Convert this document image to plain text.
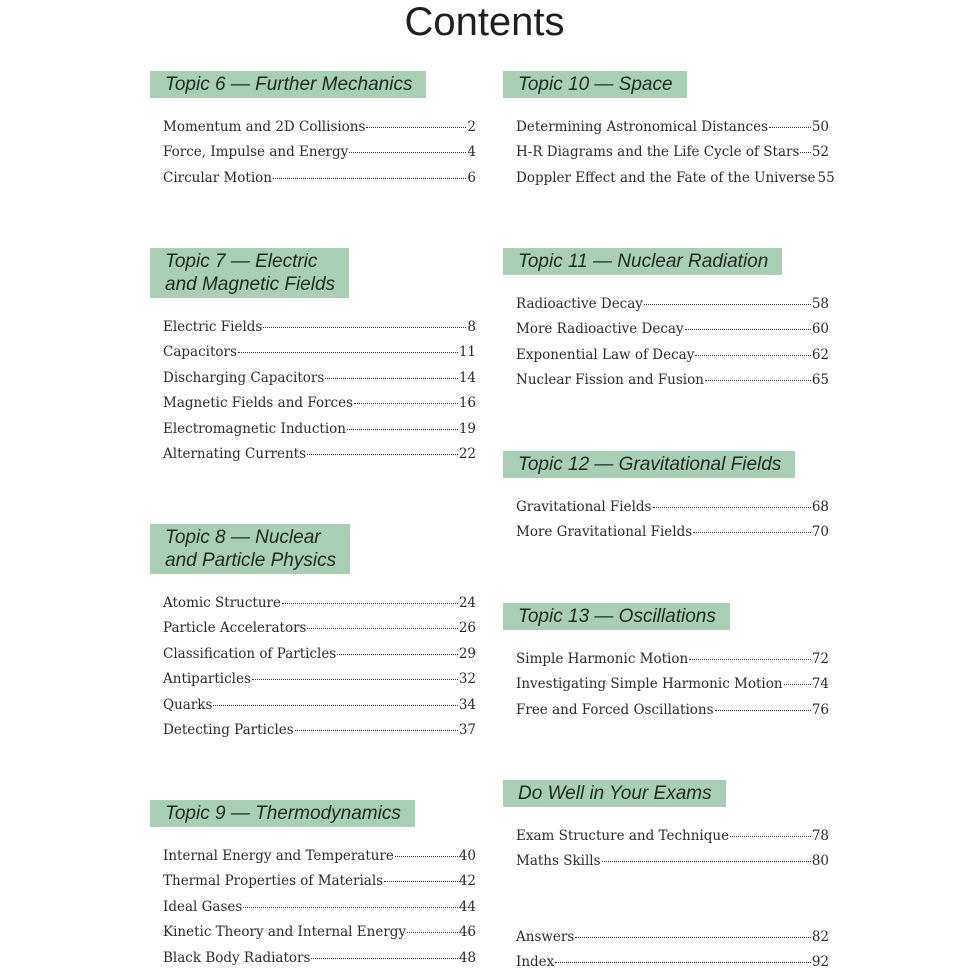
Contents
Topic 6 — Further Mechanics
Momentum and 2D Collisions	2
Force, Impulse and Energy	4
Circular Motion	6
Topic 7 — Electric
and Magnetic Fields
Electric Fields	8
Capacitors	11
Discharging Capacitors	14
Magnetic Fields and Forces	16
Electromagnetic Induction	19
Alternating Currents	22
Topic 8 — Nuclear
and Particle Physics
Atomic Structure	24
Particle Accelerators	26
Classification of Particles	29
Antiparticles	32
Quarks	34
Detecting Particles	37
Topic 9 — Thermodynamics
Internal Energy and Temperature	40
Thermal Properties of Materials	42
Ideal Gases	44
Kinetic Theory and Internal Energy	46
Black Body Radiators	48
Topic 10 — Space
Determining Astronomical Distances	50
H-R Diagrams and the Life Cycle of Stars 52
Doppler Effect and the Fate of the Universe 55
Topic 11 — Nuclear Radiation
Radioactive Decay	58
More Radioactive Decay	60
Exponential Law of Decay	62
Nuclear Fission and Fusion	65
Topic 12 — Gravitational Fields
Gravitational Fields	68
More Gravitational Fields	70
Topic 13 — Oscillations
Simple Harmonic Motion	72
Investigating Simple Harmonic Motion 74
Free and Forced Oscillations	76
Do Well in Your Exams
Exam Structure and Technique	78
Maths Skills	80
Answers	82
Index	92
